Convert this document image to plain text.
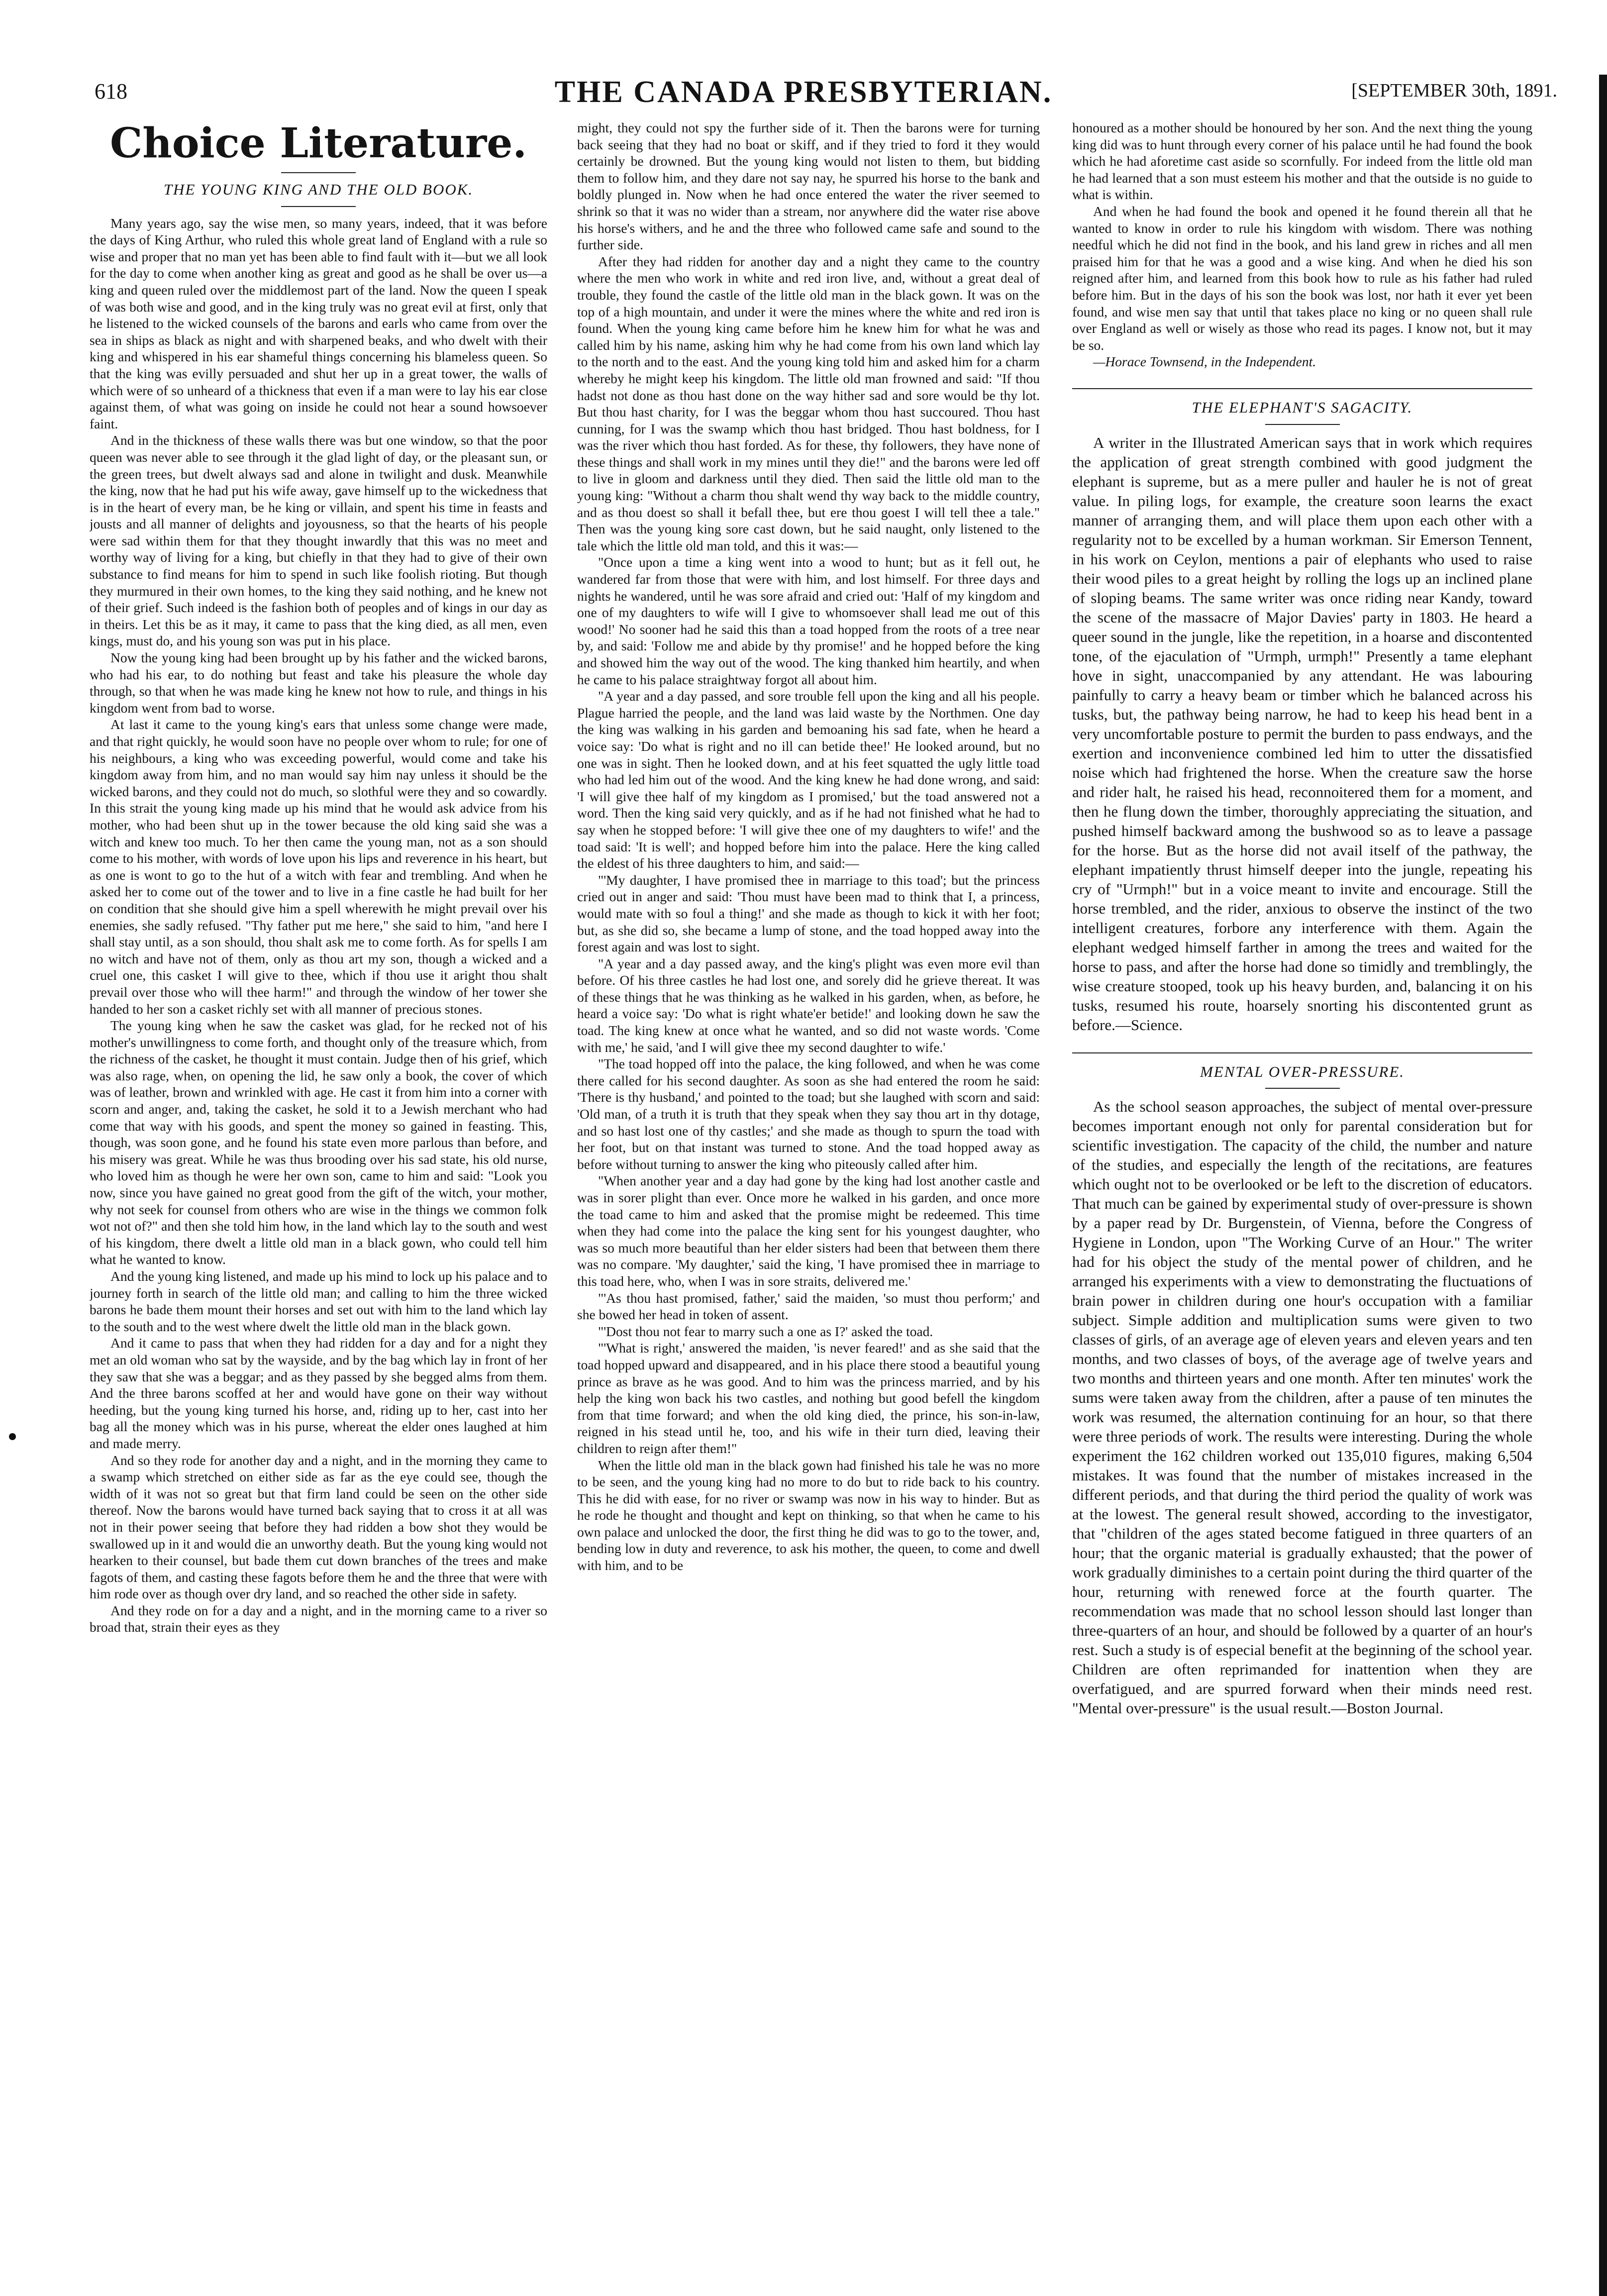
618	THE CANADA PRESBYTERIAN.	[SEPTEMBER 30th, 1891.
Choice Literature.
THE YOUNG KING AND THE OLD BOOK.

Many years ago, say the wise men, so many years, indeed, that it was before the days of King Arthur, who ruled this whole great land of England with a rule so wise and proper that no man yet has been able to find fault with it—but we all look for the day to come when another king as great and good as he shall be over us—a king and queen ruled over the middlemost part of the land. Now the queen I speak of was both wise and good, and in the king truly was no great evil at first, only that he listened to the wicked counsels of the barons and earls who came from over the sea in ships as black as night and with sharpened beaks, and who dwelt with their king and whispered in his ear shameful things concerning his blameless queen. So that the king was evilly persuaded and shut her up in a great tower, the walls of which were of so unheard of a thickness that even if a man were to lay his ear close against them, of what was going on inside he could not hear a sound howsoever faint.

And in the thickness of these walls there was but one window, so that the poor queen was never able to see through it the glad light of day, or the pleasant sun, or the green trees, but dwelt always sad and alone in twilight and dusk. Meanwhile the king, now that he had put his wife away, gave himself up to the wickedness that is in the heart of every man, be he king or villain, and spent his time in feasts and jousts and all manner of delights and joyousness, so that the hearts of his people were sad within them for that they thought inwardly that this was no meet and worthy way of living for a king, but chiefly in that they had to give of their own substance to find means for him to spend in such like foolish rioting. But though they murmured in their own homes, to the king they said nothing, and he knew not of their grief. Such indeed is the fashion both of peoples and of kings in our day as in theirs. Let this be as it may, it came to pass that the king died, as all men, even kings, must do, and his young son was put in his place.

Now the young king had been brought up by his father and the wicked barons, who had his ear, to do nothing but feast and take his pleasure the whole day through, so that when he was made king he knew not how to rule, and things in his kingdom went from bad to worse.

At last it came to the young king's ears that unless some change were made, and that right quickly, he would soon have no people over whom to rule; for one of his neighbours, a king who was exceeding powerful, would come and take his kingdom away from him, and no man would say him nay unless it should be the wicked barons, and they could not do much, so slothful were they and so cowardly. In this strait the young king made up his mind that he would ask advice from his mother, who had been shut up in the tower because the old king said she was a witch and knew too much. To her then came the young man, not as a son should come to his mother, with words of love upon his lips and reverence in his heart, but as one is wont to go to the hut of a witch with fear and trembling. And when he asked her to come out of the tower and to live in a fine castle he had built for her on condition that she should give him a spell wherewith he might prevail over his enemies, she sadly refused. "Thy father put me here," she said to him, "and here I shall stay until, as a son should, thou shalt ask me to come forth. As for spells I am no witch and have not of them, only as thou art my son, though a wicked and a cruel one, this casket I will give to thee, which if thou use it aright thou shalt prevail over those who will thee harm!" and through the window of her tower she handed to her son a casket richly set with all manner of precious stones.

The young king when he saw the casket was glad, for he recked not of his mother's unwillingness to come forth, and thought only of the treasure which, from the richness of the casket, he thought it must contain. Judge then of his grief, which was also rage, when, on opening the lid, he saw only a book, the cover of which was of leather, brown and wrinkled with age. He cast it from him into a corner with scorn and anger, and, taking the casket, he sold it to a Jewish merchant who had come that way with his goods, and spent the money so gained in feasting. This, though, was soon gone, and he found his state even more parlous than before, and his misery was great. While he was thus brooding over his sad state, his old nurse, who loved him as though he were her own son, came to him and said: "Look you now, since you have gained no great good from the gift of the witch, your mother, why not seek for counsel from others who are wise in the things we common folk wot not of?" and then she told him how, in the land which lay to the south and west of his kingdom, there dwelt a little old man in a black gown, who could tell him what he wanted to know.

And the young king listened, and made up his mind to lock up his palace and to journey forth in search of the little old man; and calling to him the three wicked barons he bade them mount their horses and set out with him to the land which lay to the south and to the west where dwelt the little old man in the black gown.

And it came to pass that when they had ridden for a day and for a night they met an old woman who sat by the wayside, and by the bag which lay in front of her they saw that she was a beggar; and as they passed by she begged alms from them. And the three barons scoffed at her and would have gone on their way without heeding, but the young king turned his horse, and, riding up to her, cast into her bag all the money which was in his purse, whereat the elder ones laughed at him and made merry.

And so they rode for another day and a night, and in the morning they came to a swamp which stretched on either side as far as the eye could see, though the width of it was not so great but that firm land could be seen on the other side thereof. Now the barons would have turned back saying that to cross it at all was not in their power seeing that before they had ridden a bow shot they would be swallowed up in it and would die an unworthy death. But the young king would not hearken to their counsel, but bade them cut down branches of the trees and make fagots of them, and casting these fagots before them he and the three that were with him rode over as though over dry land, and so reached the other side in safety.

And they rode on for a day and a night, and in the morning came to a river so broad that, strain their eyes as they

might, they could not spy the further side of it. Then the barons were for turning back seeing that they had no boat or skiff, and if they tried to ford it they would certainly be drowned. But the young king would not listen to them, but bidding them to follow him, and they dare not say nay, he spurred his horse to the bank and boldly plunged in. Now when he had once entered the water the river seemed to shrink so that it was no wider than a stream, nor anywhere did the water rise above his horse's withers, and he and the three who followed came safe and sound to the further side.

After they had ridden for another day and a night they came to the country where the men who work in white and red iron live, and, without a great deal of trouble, they found the castle of the little old man in the black gown. It was on the top of a high mountain, and under it were the mines where the white and red iron is found. When the young king came before him he knew him for what he was and called him by his name, asking him why he had come from his own land which lay to the north and to the east. And the young king told him and asked him for a charm whereby he might keep his kingdom. The little old man frowned and said: "If thou hadst not done as thou hast done on the way hither sad and sore would be thy lot. But thou hast charity, for I was the beggar whom thou hast succoured. Thou hast cunning, for I was the swamp which thou hast bridged. Thou hast boldness, for I was the river which thou hast forded. As for these, thy followers, they have none of these things and shall work in my mines until they die!" and the barons were led off to live in gloom and darkness until they died. Then said the little old man to the young king: "Without a charm thou shalt wend thy way back to the middle country, and as thou doest so shall it befall thee, but ere thou goest I will tell thee a tale." Then was the young king sore cast down, but he said naught, only listened to the tale which the little old man told, and this it was:—

"Once upon a time a king went into a wood to hunt; but as it fell out, he wandered far from those that were with him, and lost himself. For three days and nights he wandered, until he was sore afraid and cried out: 'Half of my kingdom and one of my daughters to wife will I give to whomsoever shall lead me out of this wood!' No sooner had he said this than a toad hopped from the roots of a tree near by, and said: 'Follow me and abide by thy promise!' and he hopped before the king and showed him the way out of the wood. The king thanked him heartily, and when he came to his palace straightway forgot all about him.

"A year and a day passed, and sore trouble fell upon the king and all his people. Plague harried the people, and the land was laid waste by the Northmen. One day the king was walking in his garden and bemoaning his sad fate, when he heard a voice say: 'Do what is right and no ill can betide thee!' He looked around, but no one was in sight. Then he looked down, and at his feet squatted the ugly little toad who had led him out of the wood. And the king knew he had done wrong, and said: 'I will give thee half of my kingdom as I promised,' but the toad answered not a word. Then the king said very quickly, and as if he had not finished what he had to say when he stopped before: 'I will give thee one of my daughters to wife!' and the toad said: 'It is well'; and hopped before him into the palace. Here the king called the eldest of his three daughters to him, and said:—

"'My daughter, I have promised thee in marriage to this toad'; but the princess cried out in anger and said: 'Thou must have been mad to think that I, a princess, would mate with so foul a thing!' and she made as though to kick it with her foot; but, as she did so, she became a lump of stone, and the toad hopped away into the forest again and was lost to sight.

"A year and a day passed away, and the king's plight was even more evil than before. Of his three castles he had lost one, and sorely did he grieve thereat. It was of these things that he was thinking as he walked in his garden, when, as before, he heard a voice say: 'Do what is right whate'er betide!' and looking down he saw the toad. The king knew at once what he wanted, and so did not waste words. 'Come with me,' he said, 'and I will give thee my second daughter to wife.'

"The toad hopped off into the palace, the king followed, and when he was come there called for his second daughter. As soon as she had entered the room he said: 'There is thy husband,' and pointed to the toad; but she laughed with scorn and said: 'Old man, of a truth it is truth that they speak when they say thou art in thy dotage, and so hast lost one of thy castles;' and she made as though to spurn the toad with her foot, but on that instant was turned to stone. And the toad hopped away as before without turning to answer the king who piteously called after him.

"When another year and a day had gone by the king had lost another castle and was in sorer plight than ever. Once more he walked in his garden, and once more the toad came to him and asked that the promise might be redeemed. This time when they had come into the palace the king sent for his youngest daughter, who was so much more beautiful than her elder sisters had been that between them there was no compare. 'My daughter,' said the king, 'I have promised thee in marriage to this toad here, who, when I was in sore straits, delivered me.'

"'As thou hast promised, father,' said the maiden, 'so must thou perform;' and she bowed her head in token of assent.

"'Dost thou not fear to marry such a one as I?' asked the toad.

"'What is right,' answered the maiden, 'is never feared!' and as she said that the toad hopped upward and disappeared, and in his place there stood a beautiful young prince as brave as he was good. And to him was the princess married, and by his help the king won back his two castles, and nothing but good befell the kingdom from that time forward; and when the old king died, the prince, his son-in-law, reigned in his stead until he, too, and his wife in their turn died, leaving their children to reign after them!"

When the little old man in the black gown had finished his tale he was no more to be seen, and the young king had no more to do but to ride back to his country. This he did with ease, for no river or swamp was now in his way to hinder. But as he rode he thought and thought and kept on thinking, so that when he came to his own palace and unlocked the door, the first thing he did was to go to the tower, and, bending low in duty and reverence, to ask his mother, the queen, to come and dwell with him, and to be

honoured as a mother should be honoured by her son. And the next thing the young king did was to hunt through every corner of his palace until he had found the book which he had aforetime cast aside so scornfully. For indeed from the little old man he had learned that a son must esteem his mother and that the outside is no guide to what is within.

And when he had found the book and opened it he found therein all that he wanted to know in order to rule his kingdom with wisdom. There was nothing needful which he did not find in the book, and his land grew in riches and all men praised him for that he was a good and a wise king. And when he died his son reigned after him, and learned from this book how to rule as his father had ruled before him. But in the days of his son the book was lost, nor hath it ever yet been found, and wise men say that until that takes place no king or no queen shall rule over England as well or wisely as those who read its pages. I know not, but it may be so.

—Horace Townsend, in the Independent.

THE ELEPHANT'S SAGACITY.

A writer in the Illustrated American says that in work which requires the application of great strength combined with good judgment the elephant is supreme, but as a mere puller and hauler he is not of great value. In piling logs, for example, the creature soon learns the exact manner of arranging them, and will place them upon each other with a regularity not to be excelled by a human workman. Sir Emerson Tennent, in his work on Ceylon, mentions a pair of elephants who used to raise their wood piles to a great height by rolling the logs up an inclined plane of sloping beams. The same writer was once riding near Kandy, toward the scene of the massacre of Major Davies' party in 1803. He heard a queer sound in the jungle, like the repetition, in a hoarse and discontented tone, of the ejaculation of "Urmph, urmph!" Presently a tame elephant hove in sight, unaccompanied by any attendant. He was labouring painfully to carry a heavy beam or timber which he balanced across his tusks, but, the pathway being narrow, he had to keep his head bent in a very uncomfortable posture to permit the burden to pass endways, and the exertion and inconvenience combined led him to utter the dissatisfied noise which had frightened the horse. When the creature saw the horse and rider halt, he raised his head, reconnoitered them for a moment, and then he flung down the timber, thoroughly appreciating the situation, and pushed himself backward among the bushwood so as to leave a passage for the horse. But as the horse did not avail itself of the pathway, the elephant impatiently thrust himself deeper into the jungle, repeating his cry of "Urmph!" but in a voice meant to invite and encourage. Still the horse trembled, and the rider, anxious to observe the instinct of the two intelligent creatures, forbore any interference with them. Again the elephant wedged himself farther in among the trees and waited for the horse to pass, and after the horse had done so timidly and tremblingly, the wise creature stooped, took up his heavy burden, and, balancing it on his tusks, resumed his route, hoarsely snorting his discontented grunt as before.—Science.

MENTAL OVER-PRESSURE.

As the school season approaches, the subject of mental over-pressure becomes important enough not only for parental consideration but for scientific investigation. The capacity of the child, the number and nature of the studies, and especially the length of the recitations, are features which ought not to be overlooked or be left to the discretion of educators. That much can be gained by experimental study of over-pressure is shown by a paper read by Dr. Burgenstein, of Vienna, before the Congress of Hygiene in London, upon "The Working Curve of an Hour." The writer had for his object the study of the mental power of children, and he arranged his experiments with a view to demonstrating the fluctuations of brain power in children during one hour's occupation with a familiar subject. Simple addition and multiplication sums were given to two classes of girls, of an average age of eleven years and eleven years and ten months, and two classes of boys, of the average age of twelve years and two months and thirteen years and one month. After ten minutes' work the sums were taken away from the children, after a pause of ten minutes the work was resumed, the alternation continuing for an hour, so that there were three periods of work. The results were interesting. During the whole experiment the 162 children worked out 135,010 figures, making 6,504 mistakes. It was found that the number of mistakes increased in the different periods, and that during the third period the quality of work was at the lowest. The general result showed, according to the investigator, that "children of the ages stated become fatigued in three quarters of an hour; that the organic material is gradually exhausted; that the power of work gradually diminishes to a certain point during the third quarter of the hour, returning with renewed force at the fourth quarter. The recommendation was made that no school lesson should last longer than three-quarters of an hour, and should be followed by a quarter of an hour's rest. Such a study is of especial benefit at the beginning of the school year. Children are often reprimanded for inattention when they are overfatigued, and are spurred forward when their minds need rest. "Mental over-pressure" is the usual result.—Boston Journal.
